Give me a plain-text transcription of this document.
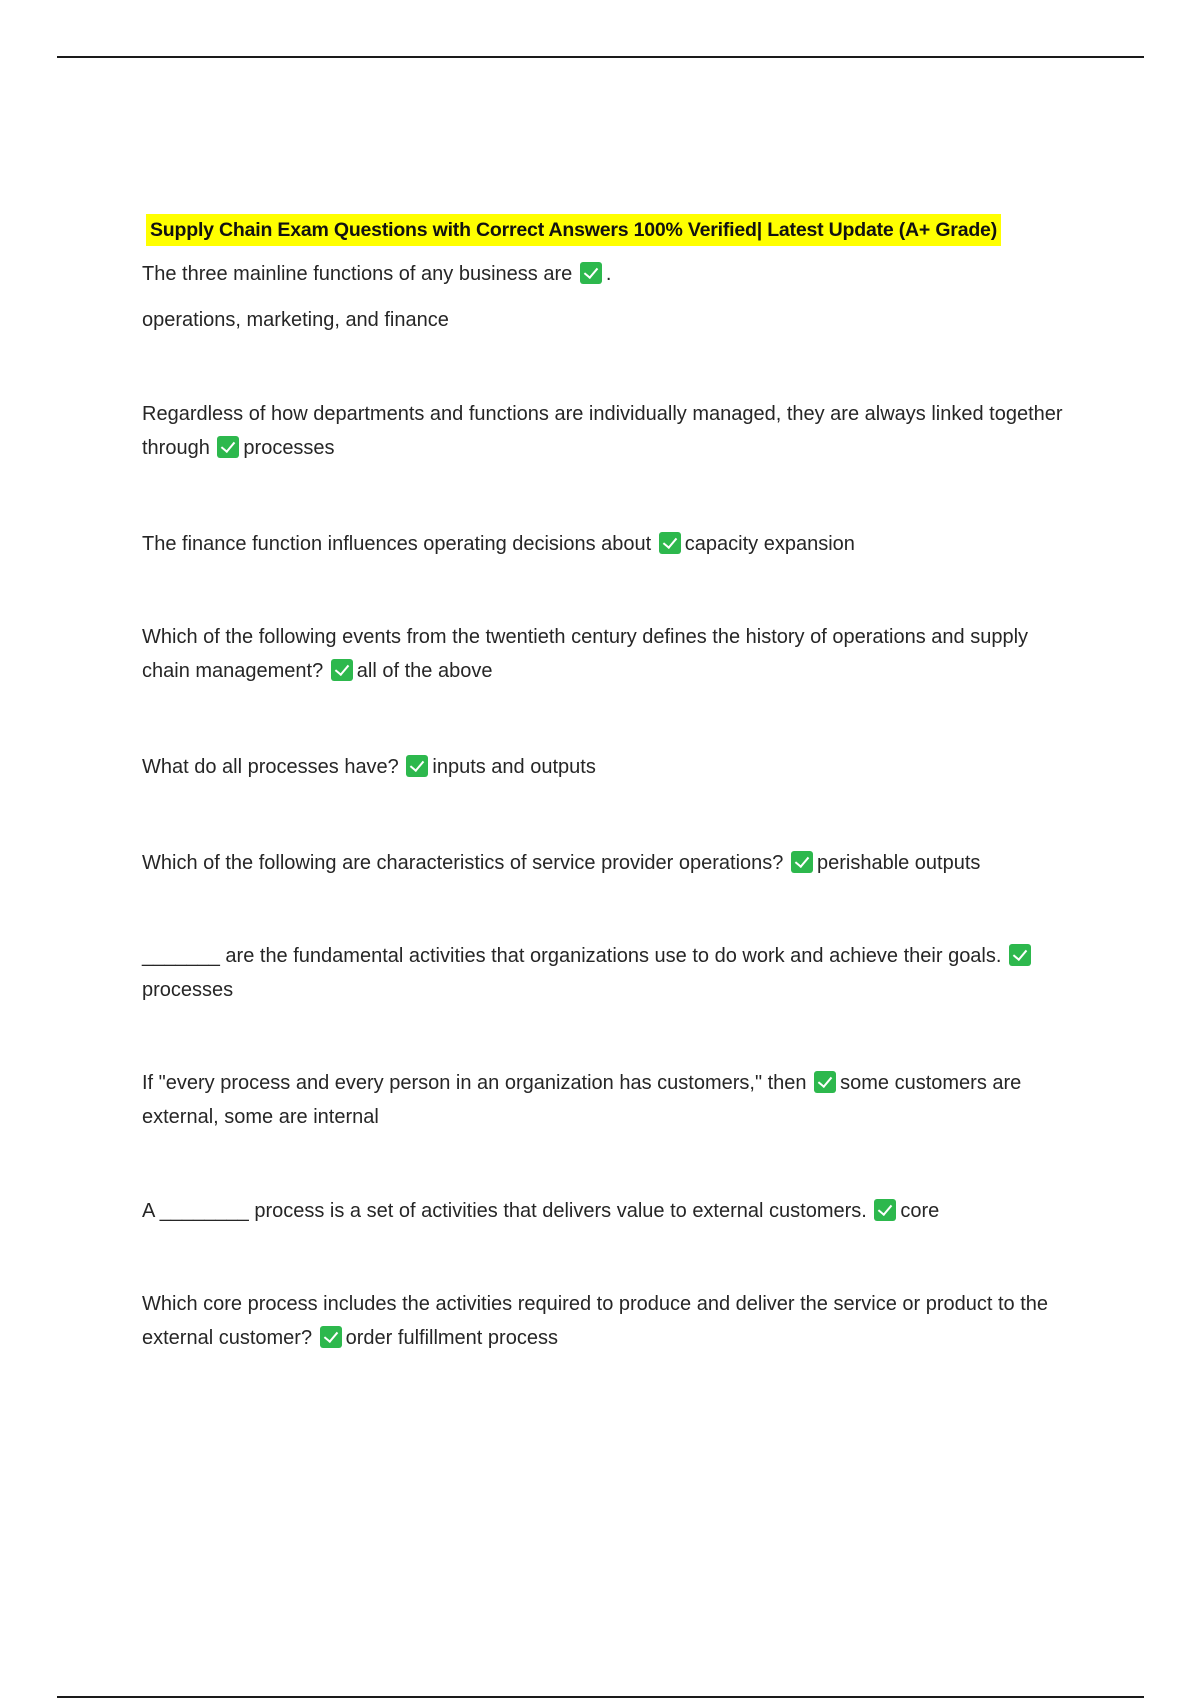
Supply Chain Exam Questions with Correct Answers 100% Verified| Latest Update (A+ Grade)
The three mainline functions of any business are .
operations, marketing, and finance
Regardless of how departments and functions are individually managed, they are always linked together through processes
The finance function influences operating decisions about capacity expansion
Which of the following events from the twentieth century defines the history of operations and supply chain management? all of the above
What do all processes have? inputs and outputs
Which of the following are characteristics of service provider operations? perishable outputs
_______ are the fundamental activities that organizations use to do work and achieve their goals. processes
If "every process and every person in an organization has customers," then some customers are external, some are internal
A ________ process is a set of activities that delivers value to external customers. core
Which core process includes the activities required to produce and deliver the service or product to the external customer? order fulfillment process
